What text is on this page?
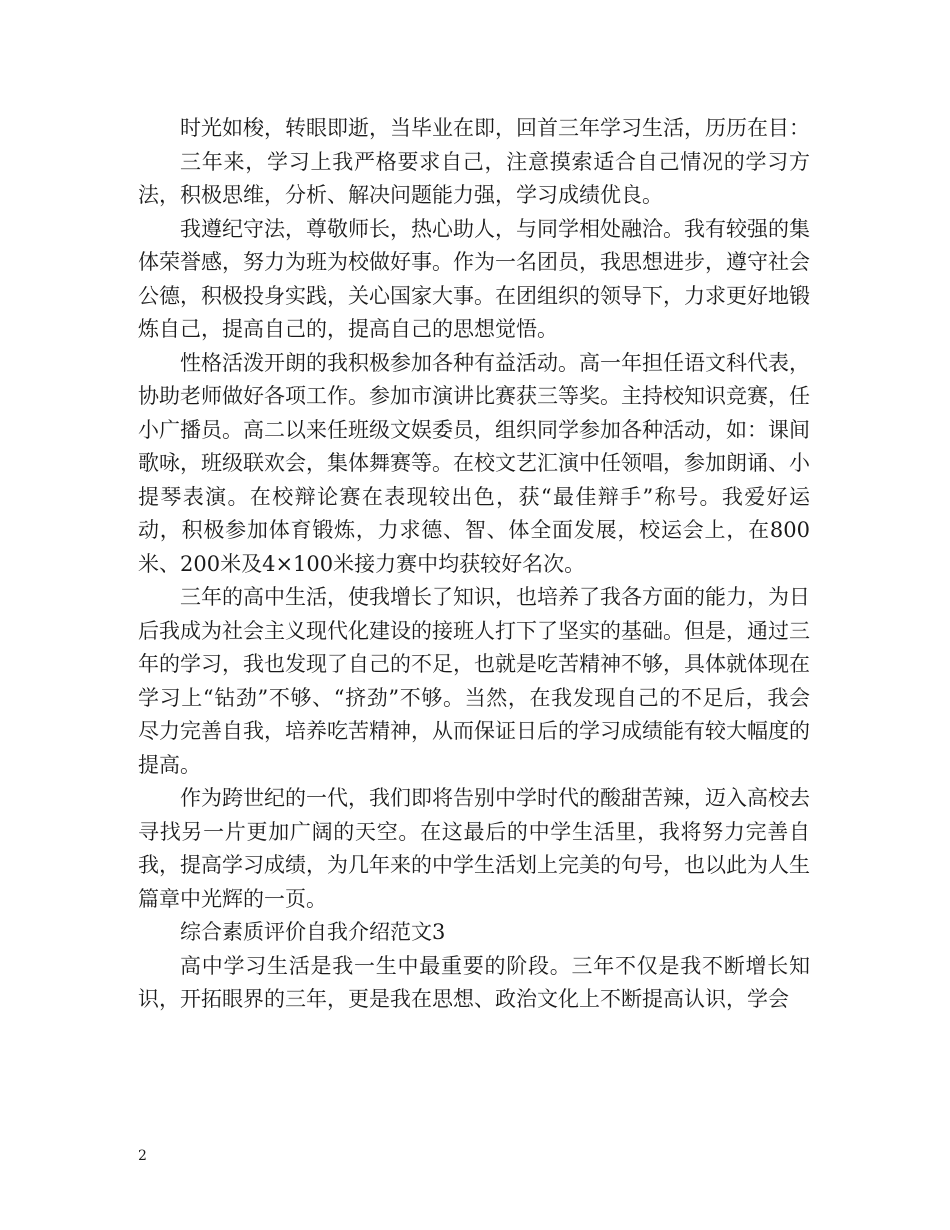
时光如梭，转眼即逝，当毕业在即，回首三年学习生活，历历在目：

三年来，学习上我严格要求自己，注意摸索适合自己情况的学习方法，积极思维，分析、解决问题能力强，学习成绩优良。

我遵纪守法，尊敬师长，热心助人，与同学相处融洽。我有较强的集体荣誉感，努力为班为校做好事。作为一名团员，我思想进步，遵守社会公德，积极投身实践，关心国家大事。在团组织的领导下，力求更好地锻炼自己，提高自己的，提高自己的思想觉悟。

性格活泼开朗的我积极参加各种有益活动。高一年担任语文科代表，协助老师做好各项工作。参加市演讲比赛获三等奖。主持校知识竞赛，任小广播员。高二以来任班级文娱委员，组织同学参加各种活动，如：课间歌咏，班级联欢会，集体舞赛等。在校文艺汇演中任领唱，参加朗诵、小提琴表演。在校辩论赛在表现较出色，获“最佳辩手”称号。我爱好运动，积极参加体育锻炼，力求德、智、体全面发展，校运会上，在800米、200米及4×100米接力赛中均获较好名次。

三年的高中生活，使我增长了知识，也培养了我各方面的能力，为日后我成为社会主义现代化建设的接班人打下了坚实的基础。但是，通过三年的学习，我也发现了自己的不足，也就是吃苦精神不够，具体就体现在学习上“钻劲”不够、“挤劲”不够。当然，在我发现自己的不足后，我会尽力完善自我，培养吃苦精神，从而保证日后的学习成绩能有较大幅度的提高。

作为跨世纪的一代，我们即将告别中学时代的酸甜苦辣，迈入高校去寻找另一片更加广阔的天空。在这最后的中学生活里，我将努力完善自我，提高学习成绩，为几年来的中学生活划上完美的句号，也以此为人生篇章中光辉的一页。

综合素质评价自我介绍范文3

高中学习生活是我一生中最重要的阶段。三年不仅是我不断增长知识，开拓眼界的三年，更是我在思想、政治文化上不断提高认识，学会

2
